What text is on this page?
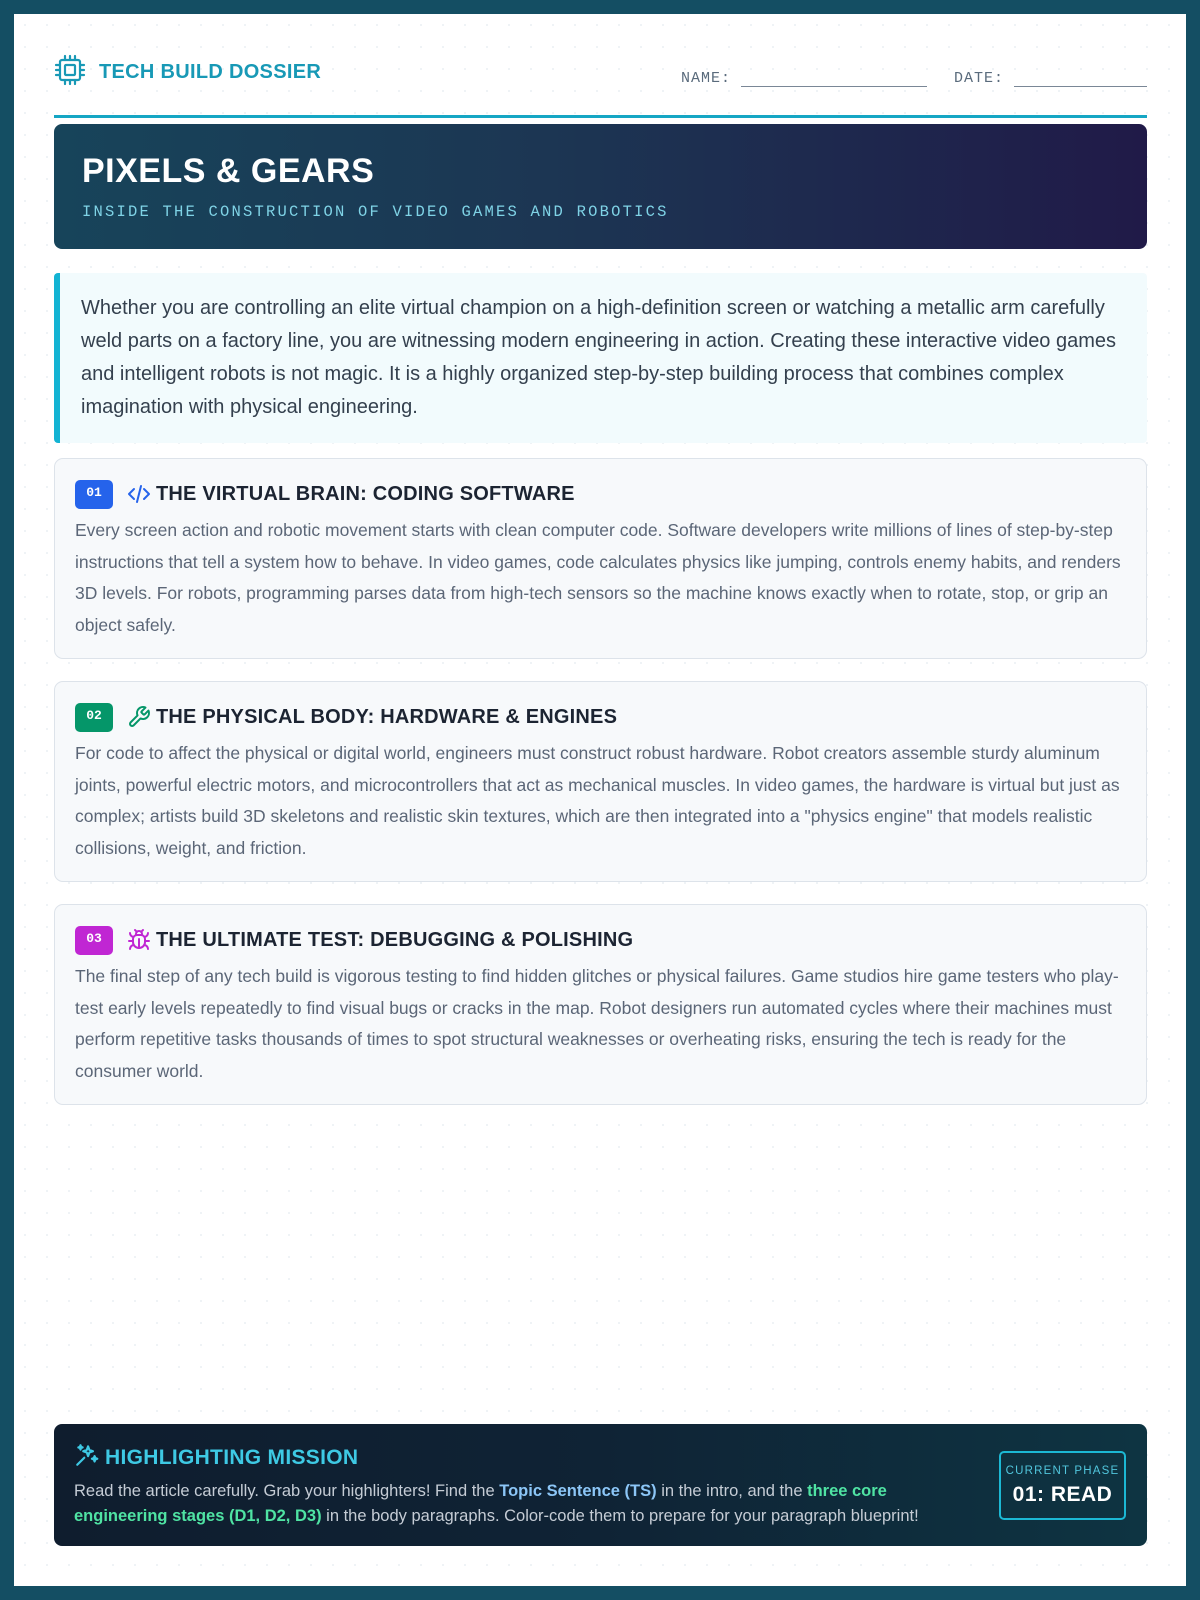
TECH BUILD DOSSIER	NAME:	DATE:
PIXELS & GEARS
INSIDE THE CONSTRUCTION OF VIDEO GAMES AND ROBOTICS

Whether you are controlling an elite virtual champion on a high-definition screen or watching a metallic arm carefully weld parts on a factory line, you are witnessing modern engineering in action. Creating these interactive video games and intelligent robots is not magic. It is a highly organized step-by-step building process that combines complex imagination with physical engineering.

01	THE VIRTUAL BRAIN: CODING SOFTWARE

Every screen action and robotic movement starts with clean computer code. Software developers write millions of lines of step-by-step instructions that tell a system how to behave. In video games, code calculates physics like jumping, controls enemy habits, and renders 3D levels. For robots, programming parses data from high-tech sensors so the machine knows exactly when to rotate, stop, or grip an object safely.

02	THE PHYSICAL BODY: HARDWARE & ENGINES

For code to affect the physical or digital world, engineers must construct robust hardware. Robot creators assemble sturdy aluminum joints, powerful electric motors, and microcontrollers that act as mechanical muscles. In video games, the hardware is virtual but just as complex; artists build 3D skeletons and realistic skin textures, which are then integrated into a "physics engine" that models realistic collisions, weight, and friction.

03	THE ULTIMATE TEST: DEBUGGING & POLISHING

The final step of any tech build is vigorous testing to find hidden glitches or physical failures. Game studios hire game testers who play-test early levels repeatedly to find visual bugs or cracks in the map. Robot designers run automated cycles where their machines must perform repetitive tasks thousands of times to spot structural weaknesses or overheating risks, ensuring the tech is ready for the consumer world.

HIGHLIGHTING MISSION

Read the article carefully. Grab your highlighters! Find the Topic Sentence (TS) in the intro, and the three core engineering stages (D1, D2, D3) in the body paragraphs. Color-code them to prepare for your paragraph blueprint!

CURRENT PHASE
01: READ
